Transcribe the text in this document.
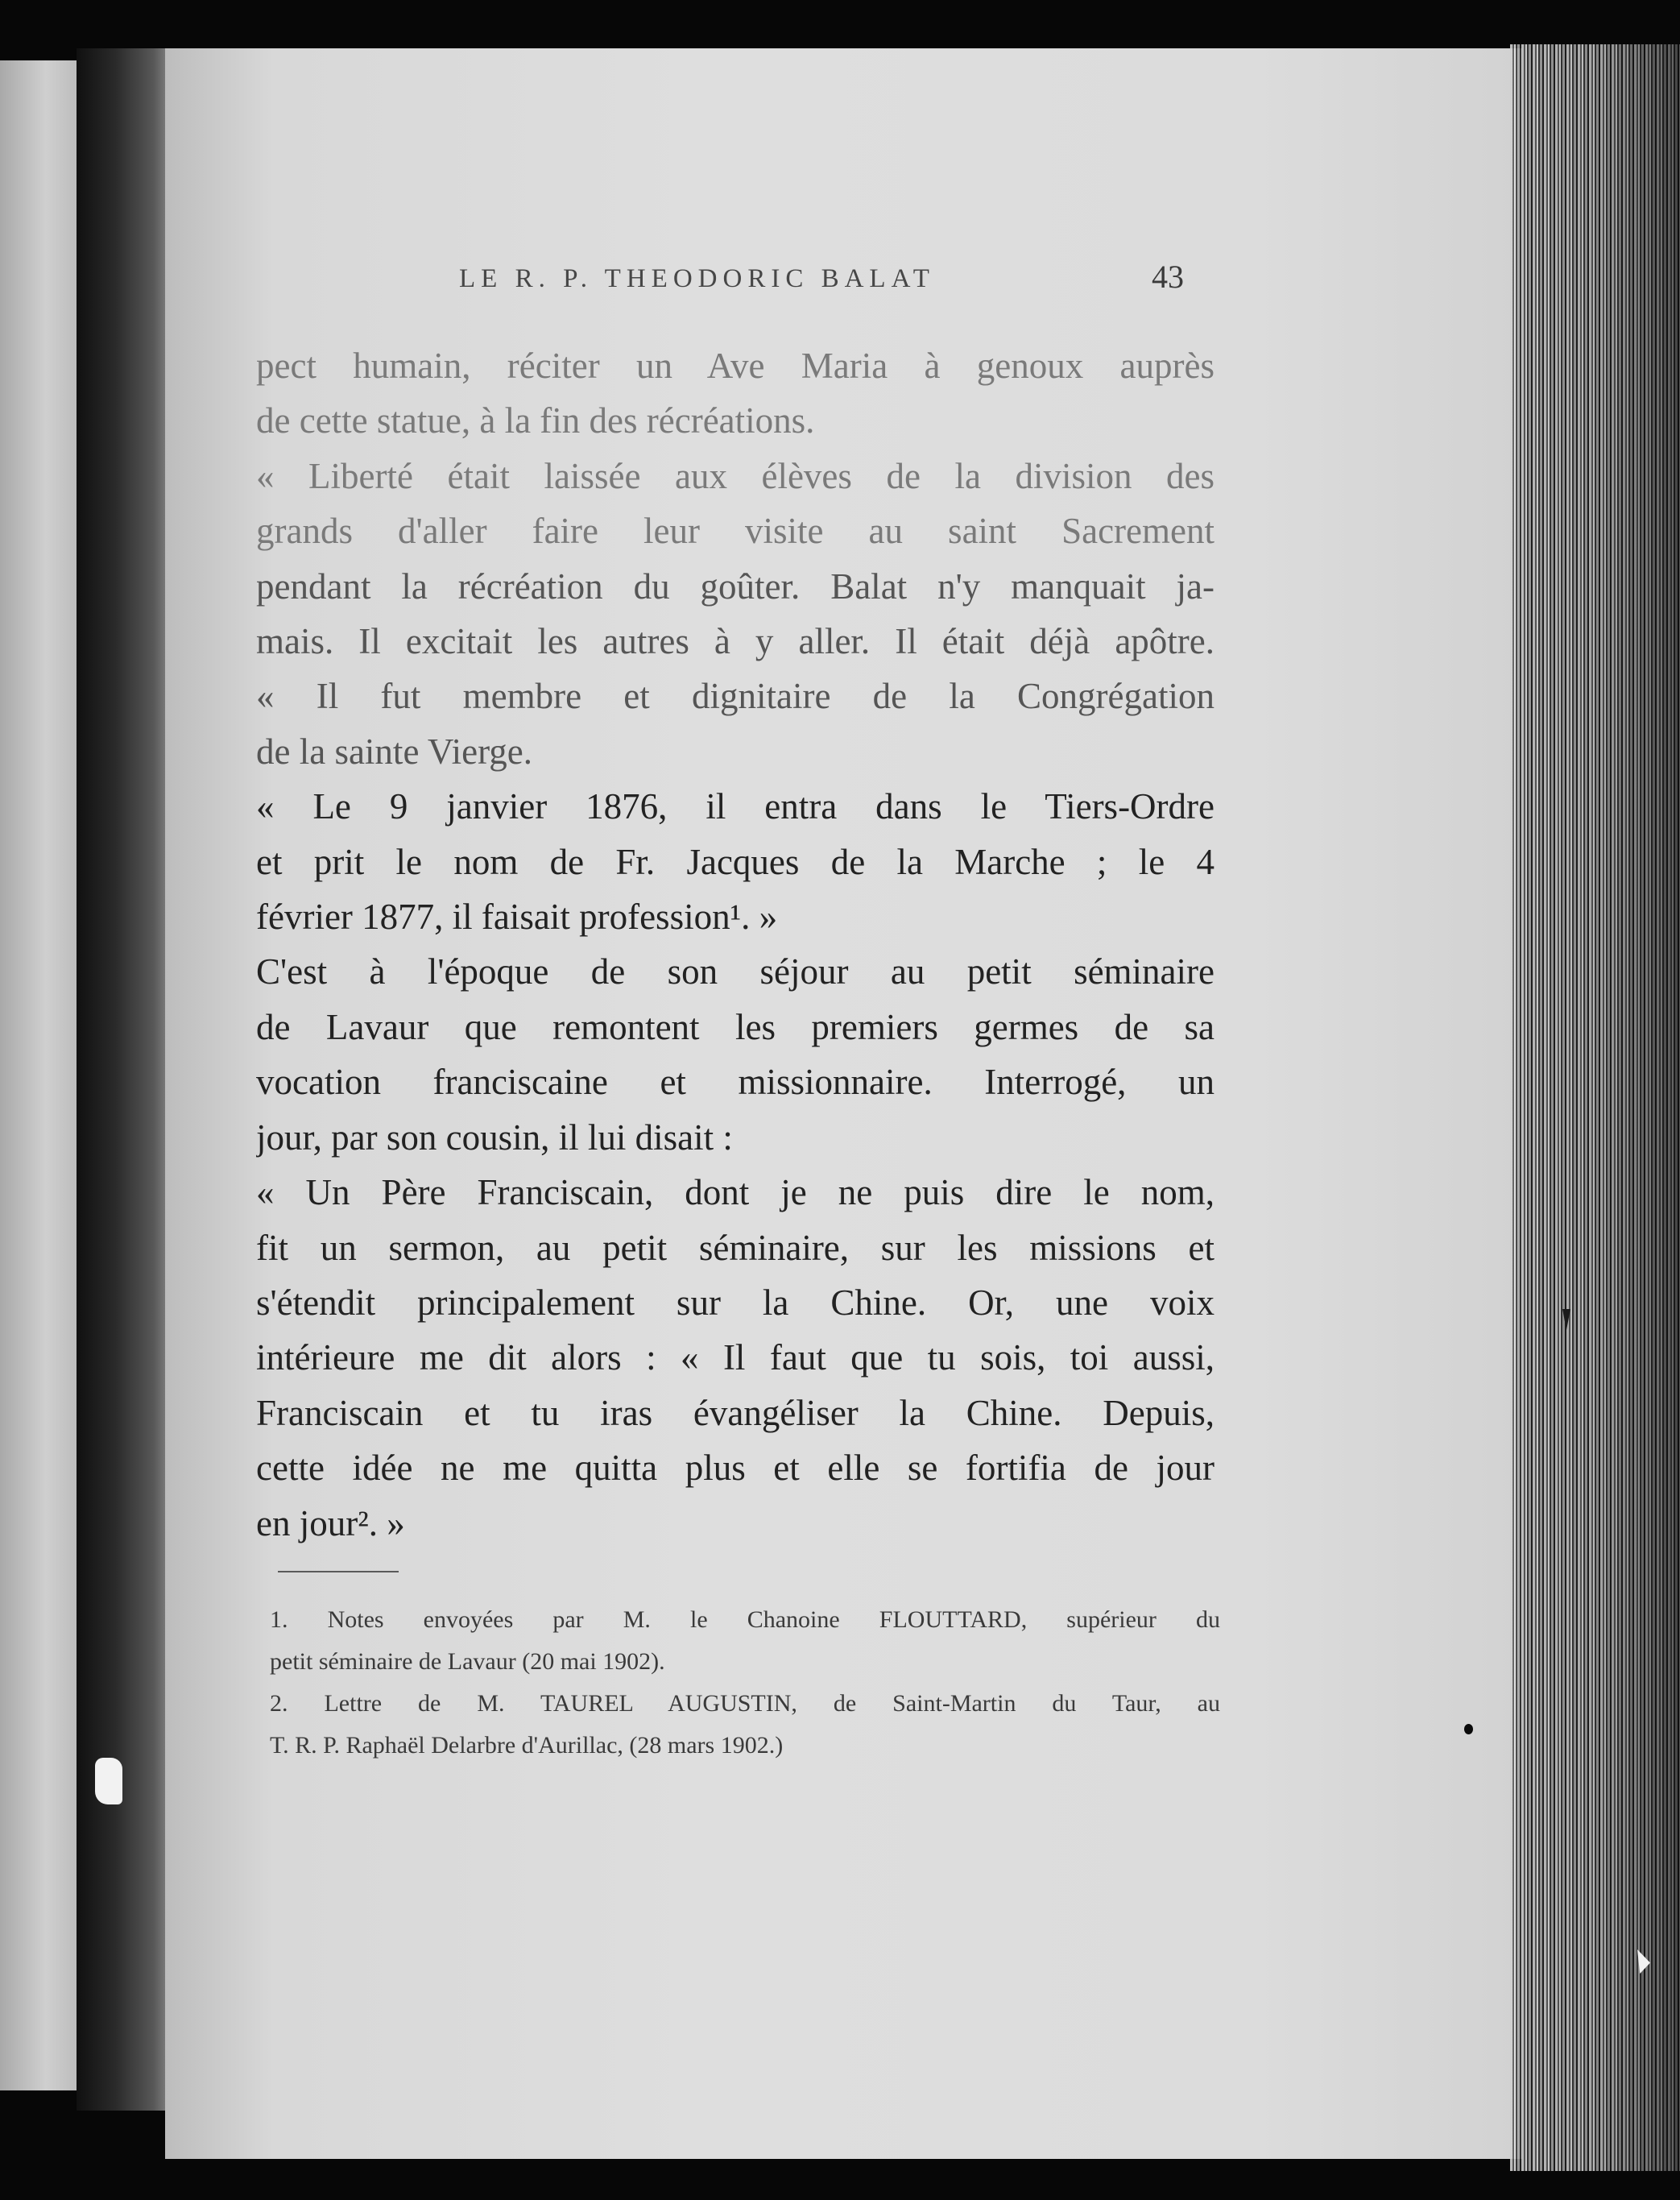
LE R. P. THEODORIC BALAT	43
pect humain, réciter un Ave Maria à genoux auprès
de cette statue, à la fin des récréations.
« Liberté était laissée aux élèves de la division des
grands d'aller faire leur visite au saint Sacrement
pendant la récréation du goûter. Balat n'y manquait ja-
mais. Il excitait les autres à y aller. Il était déjà apôtre.
« Il fut membre et dignitaire de la Congrégation
de la sainte Vierge.
« Le 9 janvier 1876, il entra dans le Tiers-Ordre
et prit le nom de Fr. Jacques de la Marche ; le 4
février 1877, il faisait profession¹. »
C'est à l'époque de son séjour au petit séminaire
de Lavaur que remontent les premiers germes de sa
vocation franciscaine et missionnaire. Interrogé, un
jour, par son cousin, il lui disait :
« Un Père Franciscain, dont je ne puis dire le nom,
fit un sermon, au petit séminaire, sur les missions et
s'étendit principalement sur la Chine. Or, une voix
intérieure me dit alors : « Il faut que tu sois, toi aussi,
Franciscain et tu iras évangéliser la Chine. Depuis,
cette idée ne me quitta plus et elle se fortifia de jour
en jour². »
1. Notes envoyées par M. le Chanoine FLOUTTARD, supérieur du
petit séminaire de Lavaur (20 mai 1902).
2. Lettre de M. TAUREL AUGUSTIN, de Saint-Martin du Taur, au
T. R. P. Raphaël Delarbre d'Aurillac, (28 mars 1902.)
